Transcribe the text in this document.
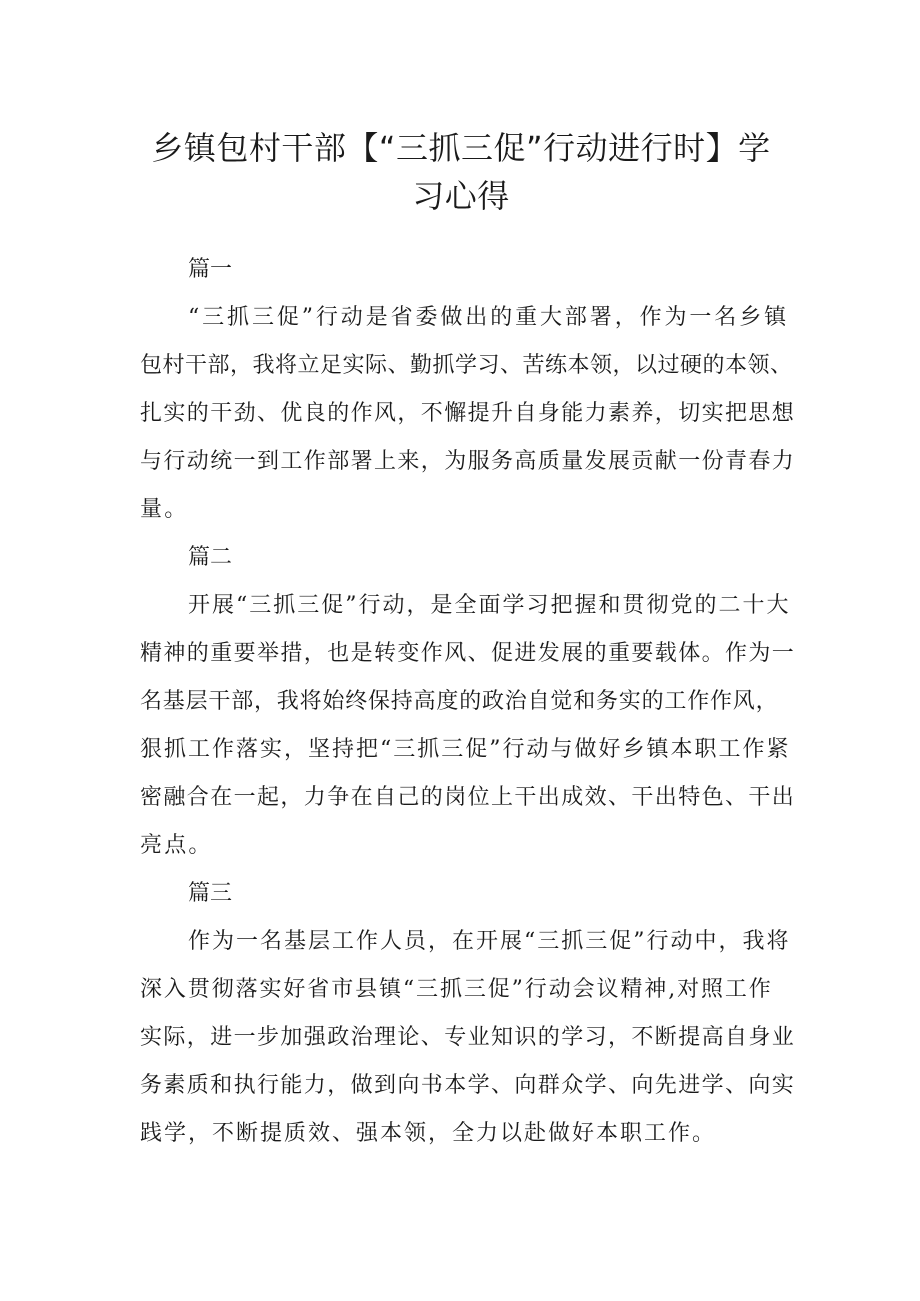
乡镇包村干部【“三抓三促”行动进行时】学
习心得

篇一

“三抓三促”行动是省委做出的重大部署，作为一名乡镇
包村干部，我将立足实际、勤抓学习、苦练本领，以过硬的本领、
扎实的干劲、优良的作风，不懈提升自身能力素养，切实把思想
与行动统一到工作部署上来，为服务高质量发展贡献一份青春力
量。

篇二

开展“三抓三促”行动，是全面学习把握和贯彻党的二十大
精神的重要举措，也是转变作风、促进发展的重要载体。作为一
名基层干部，我将始终保持高度的政治自觉和务实的工作作风，
狠抓工作落实，坚持把“三抓三促”行动与做好乡镇本职工作紧
密融合在一起，力争在自己的岗位上干出成效、干出特色、干出
亮点。

篇三

作为一名基层工作人员，在开展“三抓三促”行动中，我将
深入贯彻落实好省市县镇“三抓三促”行动会议精神,对照工作
实际，进一步加强政治理论、专业知识的学习，不断提高自身业
务素质和执行能力，做到向书本学、向群众学、向先进学、向实
践学，不断提质效、强本领，全力以赴做好本职工作。
